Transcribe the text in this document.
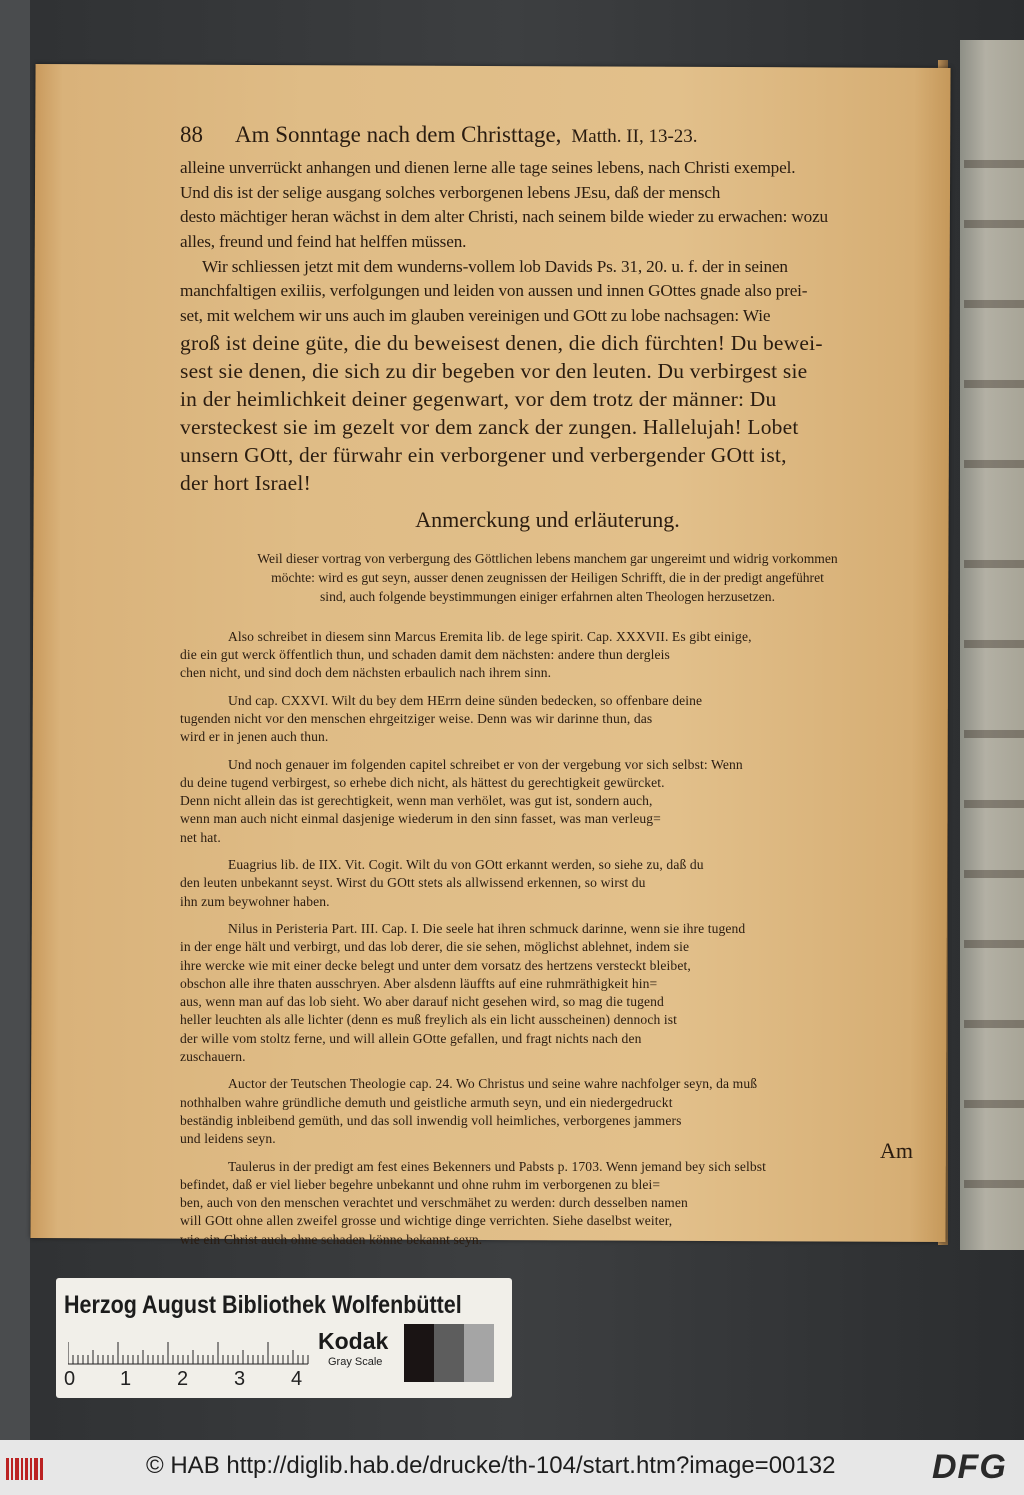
88 Am Sonntage nach dem Christtage, Matth. II, 13-23.
alleine unverrückt anhangen und dienen lerne alle tage seines lebens, nach Christi exempel.
Und dis ist der selige ausgang solches verborgenen lebens JEsu, daß der mensch
desto mächtiger heran wächst in dem alter Christi, nach seinem bilde wieder zu erwachen: wozu
alles, freund und feind hat helffen müssen.
Wir schliessen jetzt mit dem wunderns-vollem lob Davids Ps. 31, 20. u. f. der in seinen
manchfaltigen exiliis, verfolgungen und leiden von aussen und innen GOttes gnade also prei-
set, mit welchem wir uns auch im glauben vereinigen und GOtt zu lobe nachsagen: Wie
groß ist deine güte, die du beweisest denen, die dich fürchten! Du bewei-
sest sie denen, die sich zu dir begeben vor den leuten. Du verbirgest sie
in der heimlichkeit deiner gegenwart, vor dem trotz der männer: Du
versteckest sie im gezelt vor dem zanck der zungen. Hallelujah! Lobet
unsern GOtt, der fürwahr ein verborgener und verbergender GOtt ist,
der hort Israel!
Anmerckung und erläuterung.
Weil dieser vortrag von verbergung des Göttlichen lebens manchem gar ungereimt und widrig vorkommen
möchte: wird es gut seyn, ausser denen zeugnissen der Heiligen Schrifft, die in der predigt angeführet
sind, auch folgende beystimmungen einiger erfahrnen alten Theologen herzusetzen.
Also schreibet in diesem sinn Marcus Eremita lib. de lege spirit. Cap. XXXVII. Es gibt einige,
die ein gut werck öffentlich thun, und schaden damit dem nächsten: andere thun dergleis
chen nicht, und sind doch dem nächsten erbaulich nach ihrem sinn.
Und cap. CXXVI. Wilt du bey dem HErrn deine sünden bedecken, so offenbare deine
tugenden nicht vor den menschen ehrgeitziger weise. Denn was wir darinne thun, das
wird er in jenen auch thun.
Und noch genauer im folgenden capitel schreibet er von der vergebung vor sich selbst: Wenn
du deine tugend verbirgest, so erhebe dich nicht, als hättest du gerechtigkeit gewürcket.
Denn nicht allein das ist gerechtigkeit, wenn man verhölet, was gut ist, sondern auch,
wenn man auch nicht einmal dasjenige wiederum in den sinn fasset, was man verleug=
net hat.
Euagrius lib. de IIX. Vit. Cogit. Wilt du von GOtt erkannt werden, so siehe zu, daß du
den leuten unbekannt seyst. Wirst du GOtt stets als allwissend erkennen, so wirst du
ihn zum beywohner haben.
Nilus in Peristeria Part. III. Cap. I. Die seele hat ihren schmuck darinne, wenn sie ihre tugend
in der enge hält und verbirgt, und das lob derer, die sie sehen, möglichst ablehnet, indem sie
ihre wercke wie mit einer decke belegt und unter dem vorsatz des hertzens versteckt bleibet,
obschon alle ihre thaten ausschryen. Aber alsdenn läuffts auf eine ruhmräthigkeit hin=
aus, wenn man auf das lob sieht. Wo aber darauf nicht gesehen wird, so mag die tugend
heller leuchten als alle lichter (denn es muß freylich als ein licht ausscheinen) dennoch ist
der wille vom stoltz ferne, und will allein GOtte gefallen, und fragt nichts nach den
zuschauern.
Auctor der Teutschen Theologie cap. 24. Wo Christus und seine wahre nachfolger seyn, da muß
nothhalben wahre gründliche demuth und geistliche armuth seyn, und ein niedergedruckt
beständig inbleibend gemüth, und das soll inwendig voll heimliches, verborgenes jammers
und leidens seyn.
Taulerus in der predigt am fest eines Bekenners und Pabsts p. 1703. Wenn jemand bey sich selbst
befindet, daß er viel lieber begehre unbekannt und ohne ruhm im verborgenen zu blei=
ben, auch von den menschen verachtet und verschmähet zu werden: durch desselben namen
will GOtt ohne allen zweifel grosse und wichtige dinge verrichten. Siehe daselbst weiter,
wie ein Christ auch ohne schaden könne bekannt seyn.
Am
Herzog August Bibliothek Wolfenbüttel
0 1 2 3 4
Kodak
Gray Scale
© HAB http://diglib.hab.de/drucke/th-104/start.htm?image=00132	DFG
